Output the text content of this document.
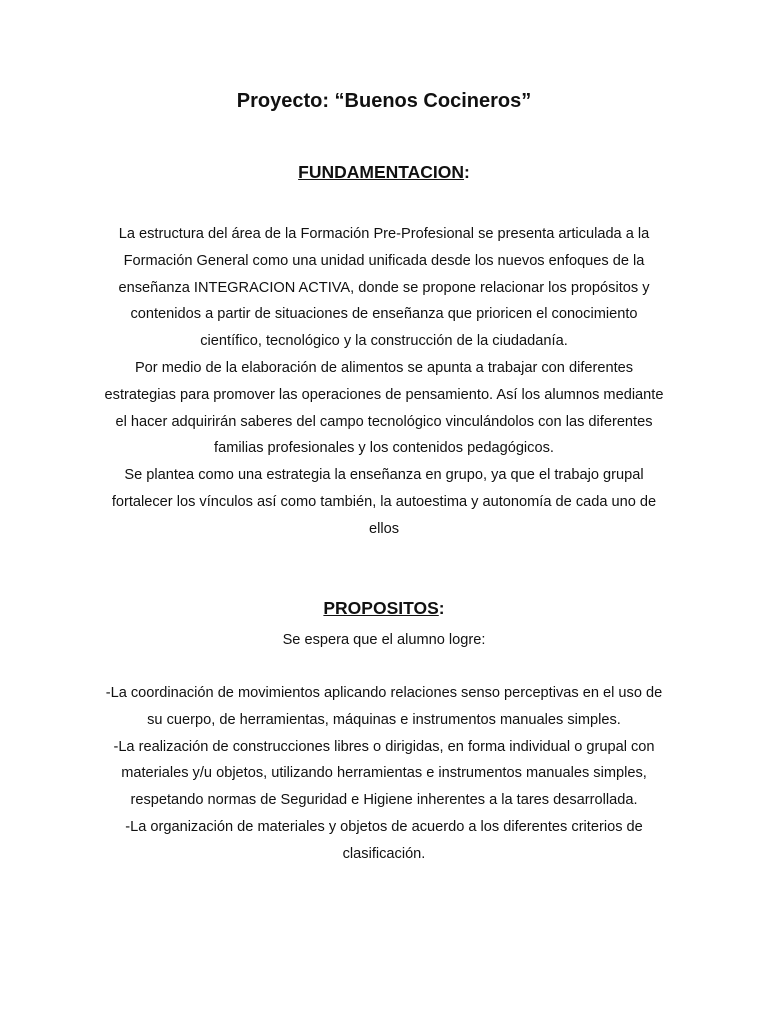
Proyecto: “Buenos Cocineros”
FUNDAMENTACION:

La estructura del área de la Formación Pre-Profesional se presenta articulada a la Formación General como una unidad unificada desde los nuevos enfoques de la enseñanza INTEGRACION ACTIVA, donde se propone relacionar los propósitos y contenidos a partir de situaciones de enseñanza que prioricen el conocimiento científico, tecnológico y la construcción de la ciudadanía.

Por medio de la elaboración de alimentos se apunta a trabajar con diferentes estrategias para promover las operaciones de pensamiento. Así los alumnos mediante el hacer adquirirán saberes del campo tecnológico vinculándolos con las diferentes familias profesionales y los contenidos pedagógicos.

Se plantea como una estrategia la enseñanza en grupo, ya que el trabajo grupal fortalecer los vínculos así como también, la autoestima y autonomía de cada uno de ellos

PROPOSITOS:

Se espera que el alumno logre:

-La coordinación de movimientos aplicando relaciones senso perceptivas en el uso de su cuerpo, de herramientas, máquinas e instrumentos manuales simples.

-La realización de construcciones libres o dirigidas, en forma individual o grupal con materiales y/u objetos, utilizando herramientas e instrumentos manuales simples, respetando normas de Seguridad e Higiene inherentes a la tares desarrollada.

-La organización de materiales y objetos de acuerdo a los diferentes criterios de clasificación.
